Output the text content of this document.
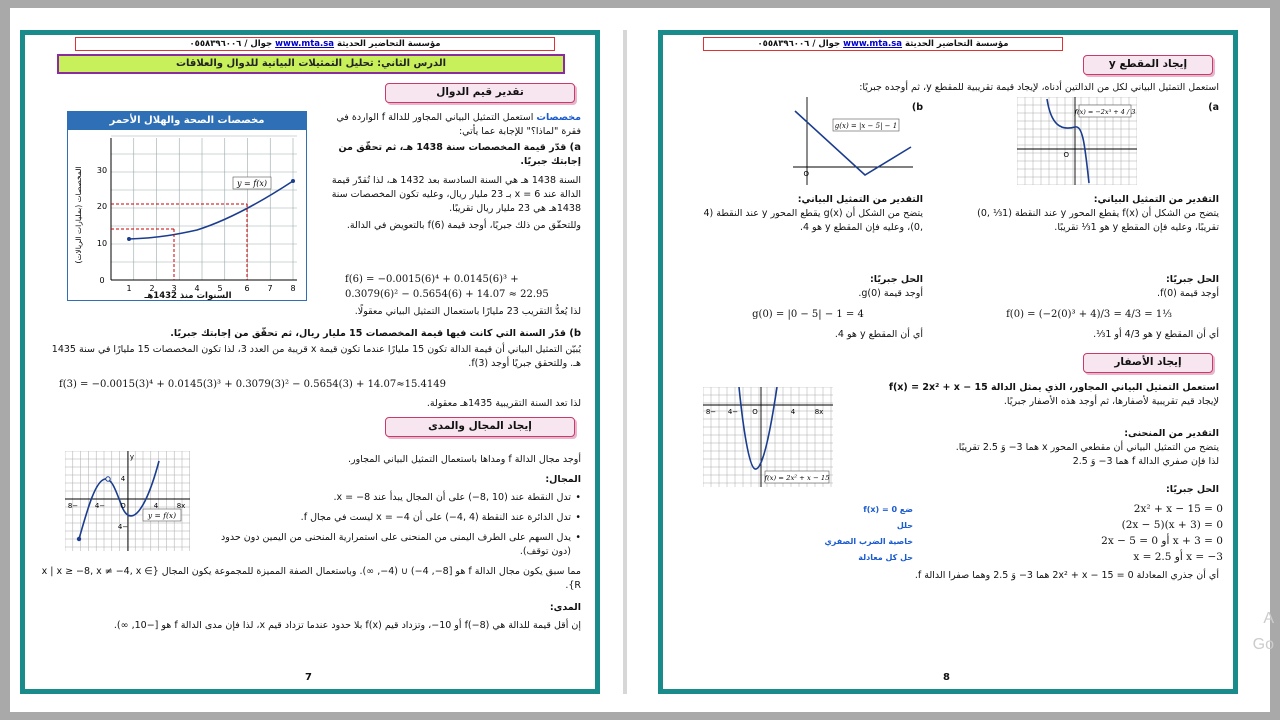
مؤسسة التحاضير الحديثة www.mta.sa جوال / ٠٥٥٨٣٩٦٠٠٦
الدرس الثاني: تحليل التمثيلات البيانية للدوال والعلاقات
تقدير قيم الدوال
مخصصات الصحة والهلال الأحمر
y = f(x)
0
1 2 3 4 5	6 7 8
10
20
30
المخصصات (بمليارات الريالات)
السنوات منذ 1432هـ
مخصصات استعمل التمثيل البياني المجاور للدالة f الواردة في فقرة "لماذا؟" للإجابة عما يأتي:
a) قدّر قيمة المخصصات سنة 1438 هـ، ثم تحقّق من إجابتك جبريًا.
السنة 1438 هـ هي السنة السادسة بعد 1432 هـ، لذا تُقدّر قيمة الدالة عند x = 6 بـ 23 مليار ريال، وعليه تكون المخصصات سنة 1438هـ هي 23 مليار ريال تقريبًا.
وللتحقّق من ذلك جبريًا، أوجد قيمة f(6) بالتعويض في الدالة.
f(6) = −0.0015(6)⁴ + 0.0145(6)³ +
0.3079(6)² − 0.5654(6) + 14.07 ≈ 22.95
لذا يُعدُّ التقريب 23 مليارًا باستعمال التمثيل البياني معقولًا.
b) قدّر السنة التي كانت فيها قيمة المخصصات 15 مليار ريال، ثم تحقّق من إجابتك جبريًا.
يُبيّن التمثيل البياني أن قيمة الدالة تكون 15 مليارًا عندما تكون قيمة x قريبة من العدد 3، لذا تكون المخصصات 15 مليارًا في سنة 1435 هـ. وللتحقق جبريًا أوجد f(3).
f(3) = −0.0015(3)⁴ + 0.0145(3)³ + 0.3079(3)² − 0.5654(3) + 14.07≈15.4149
لذا تعد السنة التقريبية 1435هـ معقولة.
إيجاد المجال والمدى
y = f(x)
−8 −4 O	4	8x
4
−4
y	أوجد مجال الدالة f ومداها باستعمال التمثيل البياني المجاور.
المجال:
• تدل النقطة عند (10 ,8−) على أن المجال يبدأ عند x = −8.
• تدل الدائرة عند النقطة (4 ,4−) على أن x = −4 ليست في مجال f.
• يدل السهم على الطرف اليمنى من المنحنى على استمرارية المنحنى من اليمين دون حدود (دون توقف).
مما سبق يكون مجال الدالة f هو [8−, 4−) ∪ (4−, ∞). وباستعمال الصفة المميزة للمجموعة يكون المجال {x | x ≥ −8, x ≠ −4, x ∈ R}.
المدى:
إن أقل قيمة للدالة هي f(−8) أو 10−، وتزداد قيم f(x) بلا حدود عندما تزداد قيم x، لذا فإن مدى الدالة f هو [−10, ∞).
7
مؤسسة التحاضير الحديثة www.mta.sa جوال / ٠٥٥٨٣٩٦٠٠٦
إيجاد المقطع y
استعمل التمثيل البياني لكل من الدالتين أدناه، لإيجاد قيمة تقريبية للمقطع y، ثم أوجده جبريًا:
f(x) = −2x³ + 4 / 3
O
a)
g(x) = |x − 5| − 1
O
b)
التقدير من التمثيل البياني:
يتضح من الشكل أن f(x) يقطع المحور y عند النقطة (1⅓ ,0) تقريبًا، وعليه فإن المقطع y هو 1⅓ تقريبًا.
التقدير من التمثيل البياني:
يتضح من الشكل أن g(x) يقطع المحور y عند النقطة (4 ,0)، وعليه فإن المقطع y هو 4.
الحل جبريًا:
أوجد قيمة f(0).
f(0) = (−2(0)³ + 4)/3 = 4/3 = 1⅓
أي أن المقطع y هو 4/3 أو 1⅓.
الحل جبريًا:
أوجد قيمة g(0).
g(0) = |0 − 5| − 1 = 4
أي أن المقطع y هو 4.
إيجاد الأصفار
f(x) = 2x² + x − 15
−8 −4 O	4	8x
استعمل التمثيل البياني المجاور، الذي يمثل الدالة f(x) = 2x² + x − 15
لإيجاد قيم تقريبية لأصفارها، ثم أوجد هذه الأصفار جبريًا.
التقدير من المنحنى:
يتضح من التمثيل البياني أن مقطعي المحور x هما 3− وَ 2.5 تقريبًا.
لذا فإن صفري الدالة f هما 3− وَ 2.5
الحل جبريًا:
2x² + x − 15 = 0
ضع f(x) = 0
(2x − 5)(x + 3) = 0
حلل
2x − 5 = 0 أو x + 3 = 0
خاصية الضرب الصفري
x = 2.5 أو x = −3
حل كل معادلة
أي أن جذري المعادلة 2x² + x − 15 = 0 هما 3− وَ 2.5 وهما صفرا الدالة f.
8
A
Go
